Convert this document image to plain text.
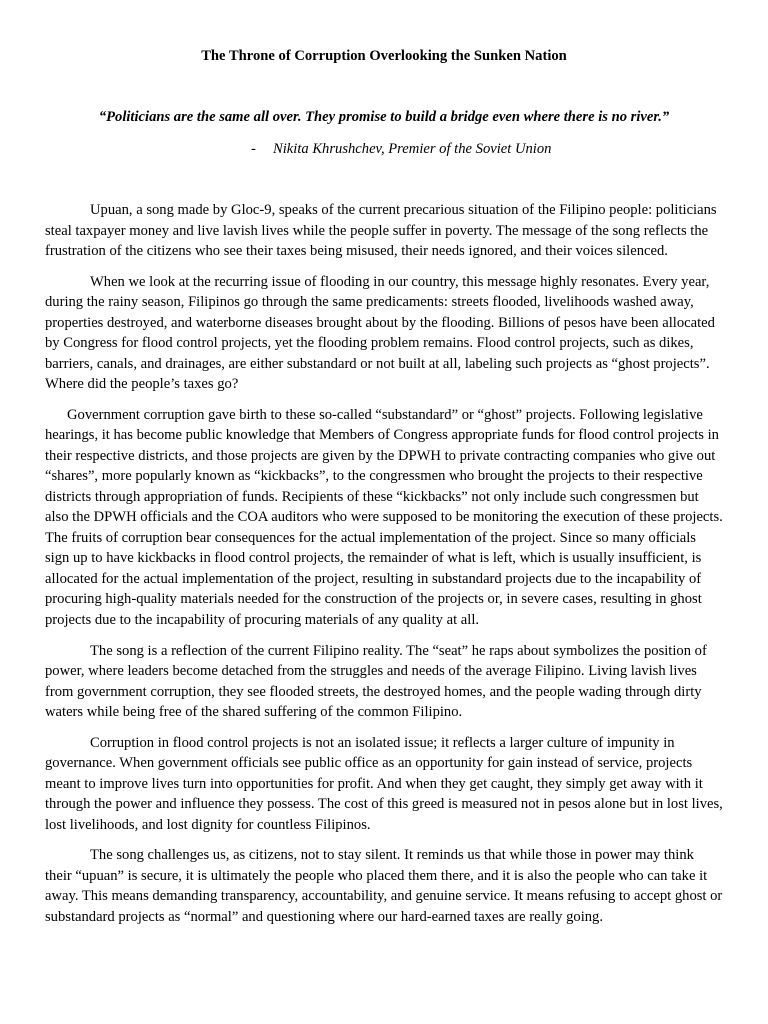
The Throne of Corruption Overlooking the Sunken Nation

“Politicians are the same all over. They promise to build a bridge even where there is no river.”

- Nikita Khrushchev, Premier of the Soviet Union

Upuan, a song made by Gloc-9, speaks of the current precarious situation of the Filipino people: politicians steal taxpayer money and live lavish lives while the people suffer in poverty. The message of the song reflects the frustration of the citizens who see their taxes being misused, their needs ignored, and their voices silenced.

When we look at the recurring issue of flooding in our country, this message highly resonates. Every year, during the rainy season, Filipinos go through the same predicaments: streets flooded, livelihoods washed away, properties destroyed, and waterborne diseases brought about by the flooding. Billions of pesos have been allocated by Congress for flood control projects, yet the flooding problem remains. Flood control projects, such as dikes, barriers, canals, and drainages, are either substandard or not built at all, labeling such projects as “ghost projects”. Where did the people’s taxes go?

Government corruption gave birth to these so-called “substandard” or “ghost” projects. Following legislative hearings, it has become public knowledge that Members of Congress appropriate funds for flood control projects in their respective districts, and those projects are given by the DPWH to private contracting companies who give out “shares”, more popularly known as “kickbacks”, to the congressmen who brought the projects to their respective districts through appropriation of funds. Recipients of these “kickbacks” not only include such congressmen but also the DPWH officials and the COA auditors who were supposed to be monitoring the execution of these projects. The fruits of corruption bear consequences for the actual implementation of the project. Since so many officials sign up to have kickbacks in flood control projects, the remainder of what is left, which is usually insufficient, is allocated for the actual implementation of the project, resulting in substandard projects due to the incapability of procuring high-quality materials needed for the construction of the projects or, in severe cases, resulting in ghost projects due to the incapability of procuring materials of any quality at all.

The song is a reflection of the current Filipino reality. The “seat” he raps about symbolizes the position of power, where leaders become detached from the struggles and needs of the average Filipino. Living lavish lives from government corruption, they see flooded streets, the destroyed homes, and the people wading through dirty waters while being free of the shared suffering of the common Filipino.

Corruption in flood control projects is not an isolated issue; it reflects a larger culture of impunity in governance. When government officials see public office as an opportunity for gain instead of service, projects meant to improve lives turn into opportunities for profit. And when they get caught, they simply get away with it through the power and influence they possess. The cost of this greed is measured not in pesos alone but in lost lives, lost livelihoods, and lost dignity for countless Filipinos.

The song challenges us, as citizens, not to stay silent. It reminds us that while those in power may think their “upuan” is secure, it is ultimately the people who placed them there, and it is also the people who can take it away. This means demanding transparency, accountability, and genuine service. It means refusing to accept ghost or substandard projects as “normal” and questioning where our hard-earned taxes are really going.
